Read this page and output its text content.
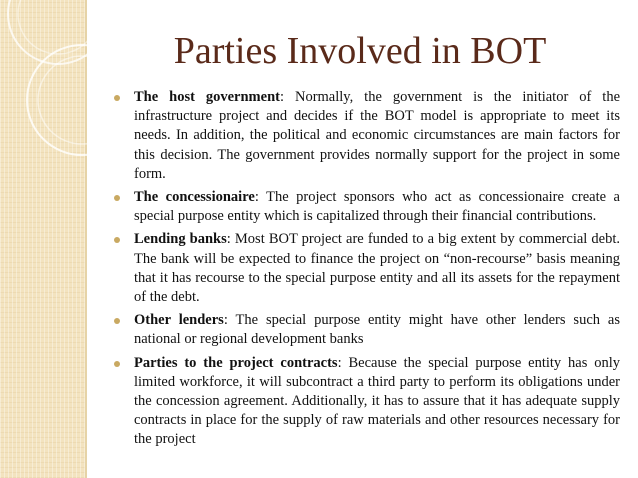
Parties Involved in BOT
The host government: Normally, the government is the initiator of the infrastructure project and decides if the BOT model is appropriate to meet its needs. In addition, the political and economic circumstances are main factors for this decision. The government provides normally support for the project in some form.
The concessionaire: The project sponsors who act as concessionaire create a special purpose entity which is capitalized through their financial contributions.
Lending banks: Most BOT project are funded to a big extent by commercial debt. The bank will be expected to finance the project on “non-recourse” basis meaning that it has recourse to the special purpose entity and all its assets for the repayment of the debt.
Other lenders: The special purpose entity might have other lenders such as national or regional development banks
Parties to the project contracts: Because the special purpose entity has only limited workforce, it will subcontract a third party to perform its obligations under the concession agreement. Additionally, it has to assure that it has adequate supply contracts in place for the supply of raw materials and other resources necessary for the project
